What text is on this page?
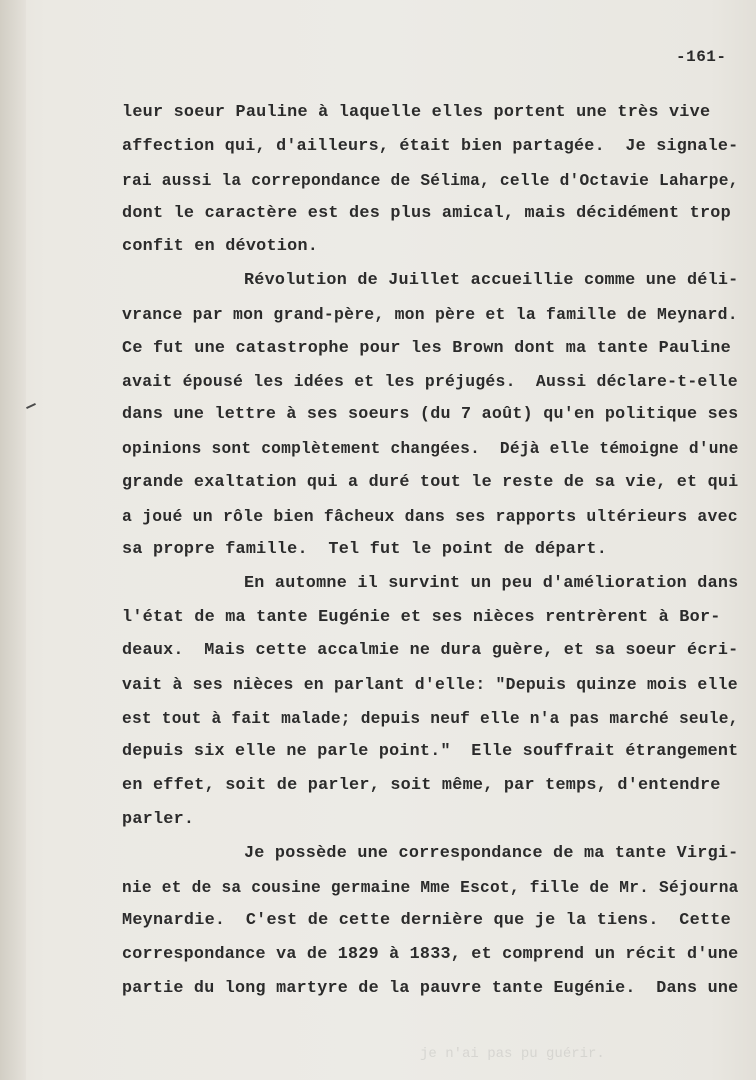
-161-
leur soeur Pauline à laquelle elles portent une très vive
affection qui, d'ailleurs, était bien partagée.  Je signale-
rai aussi la correpondance de Sélima, celle d'Octavie Laharpe,
dont le caractère est des plus amical, mais décidément trop
confit en dévotion.
Révolution de Juillet accueillie comme une déli-
vrance par mon grand-père, mon père et la famille de Meynard.
Ce fut une catastrophe pour les Brown dont ma tante Pauline
avait épousé les idées et les préjugés.  Aussi déclare-t-elle
dans une lettre à ses soeurs (du 7 août) qu'en politique ses
opinions sont complètement changées.  Déjà elle témoigne d'une
grande exaltation qui a duré tout le reste de sa vie, et qui
a joué un rôle bien fâcheux dans ses rapports ultérieurs avec
sa propre famille.  Tel fut le point de départ.
En automne il survint un peu d'amélioration dans
l'état de ma tante Eugénie et ses nièces rentrèrent à Bor-
deaux.  Mais cette accalmie ne dura guère, et sa soeur écri-
vait à ses nièces en parlant d'elle: "Depuis quinze mois elle
est tout à fait malade; depuis neuf elle n'a pas marché seule,
depuis six elle ne parle point."  Elle souffrait étrangement
en effet, soit de parler, soit même, par temps, d'entendre
parler.
Je possède une correspondance de ma tante Virgi-
nie et de sa cousine germaine Mme Escot, fille de Mr. Séjourna
Meynardie.  C'est de cette dernière que je la tiens.  Cette
correspondance va de 1829 à 1833, et comprend un récit d'une
partie du long martyre de la pauvre tante Eugénie.  Dans une
je n'ai pas pu guérir.
